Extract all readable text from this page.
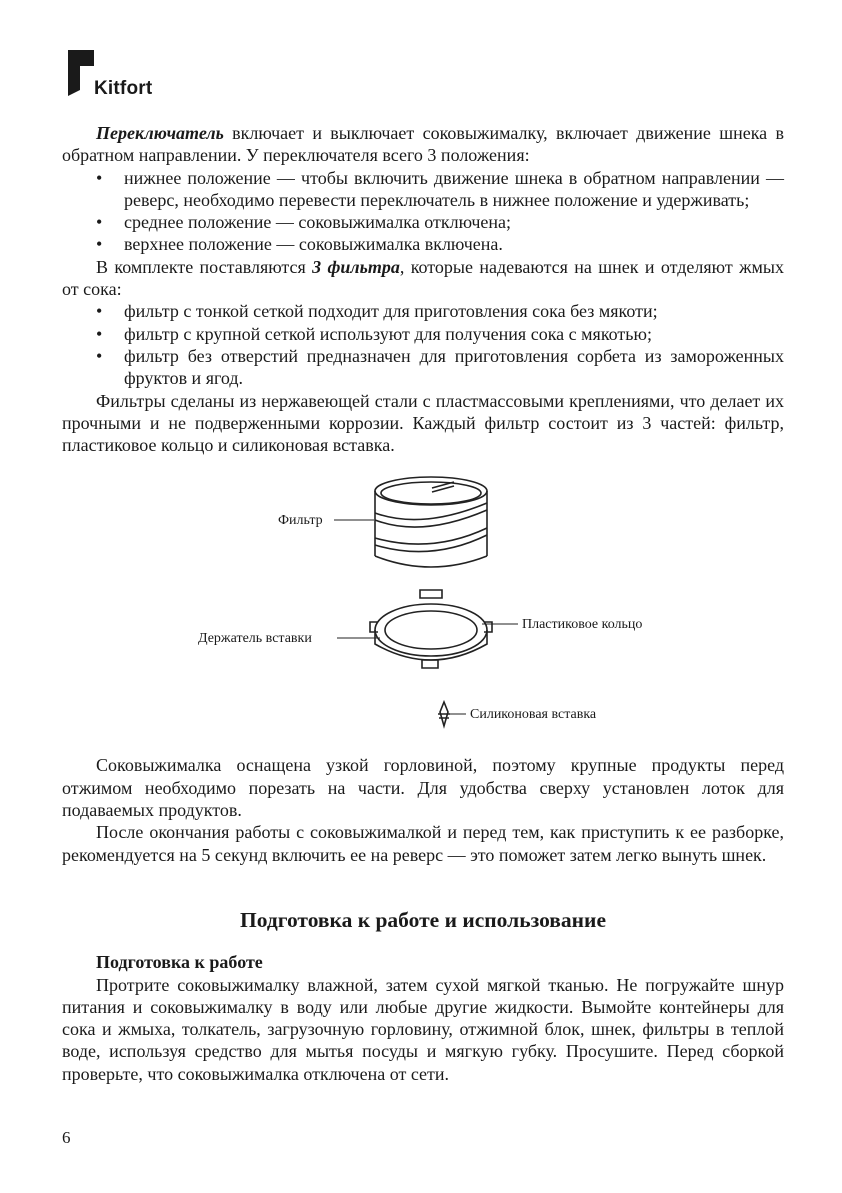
Kitfort

Переключатель включает и выключает соковыжималку, включает движение шнека в обратном направлении. У переключателя всего 3 положения:

• нижнее положение — чтобы включить движение шнека в обратном направлении — реверс, необходимо перевести переключатель в нижнее положение и удерживать;
• среднее положение — соковыжималка отключена;
• верхнее положение — соковыжималка включена.

В комплекте поставляются 3 фильтра, которые надеваются на шнек и отделяют жмых от сока:

• фильтр с тонкой сеткой подходит для приготовления сока без мякоти;
• фильтр с крупной сеткой используют для получения сока с мякотью;
• фильтр без отверстий предназначен для приготовления сорбета из замороженных фруктов и ягод.

Фильтры сделаны из нержавеющей стали с пластмассовыми креплениями, что делает их прочными и не подверженными коррозии. Каждый фильтр состоит из 3 частей: фильтр, пластиковое кольцо и силиконовая вставка.

Фильтр
Держатель вставки
Пластиковое кольцо
Силиконовая вставка

Соковыжималка оснащена узкой горловиной, поэтому крупные продукты перед отжимом необходимо порезать на части. Для удобства сверху установлен лоток для подаваемых продуктов.

После окончания работы с соковыжималкой и перед тем, как приступить к ее разборке, рекомендуется на 5 секунд включить ее на реверс — это поможет затем легко вынуть шнек.

Подготовка к работе и использование

Подготовка к работе

Протрите соковыжималку влажной, затем сухой мягкой тканью. Не погружайте шнур питания и соковыжималку в воду или любые другие жидкости. Вымойте контейнеры для сока и жмыха, толкатель, загрузочную горловину, отжимной блок, шнек, фильтры в теплой воде, используя средство для мытья посуды и мягкую губку. Просушите. Перед сборкой проверьте, что соковыжималка отключена от сети.

6
